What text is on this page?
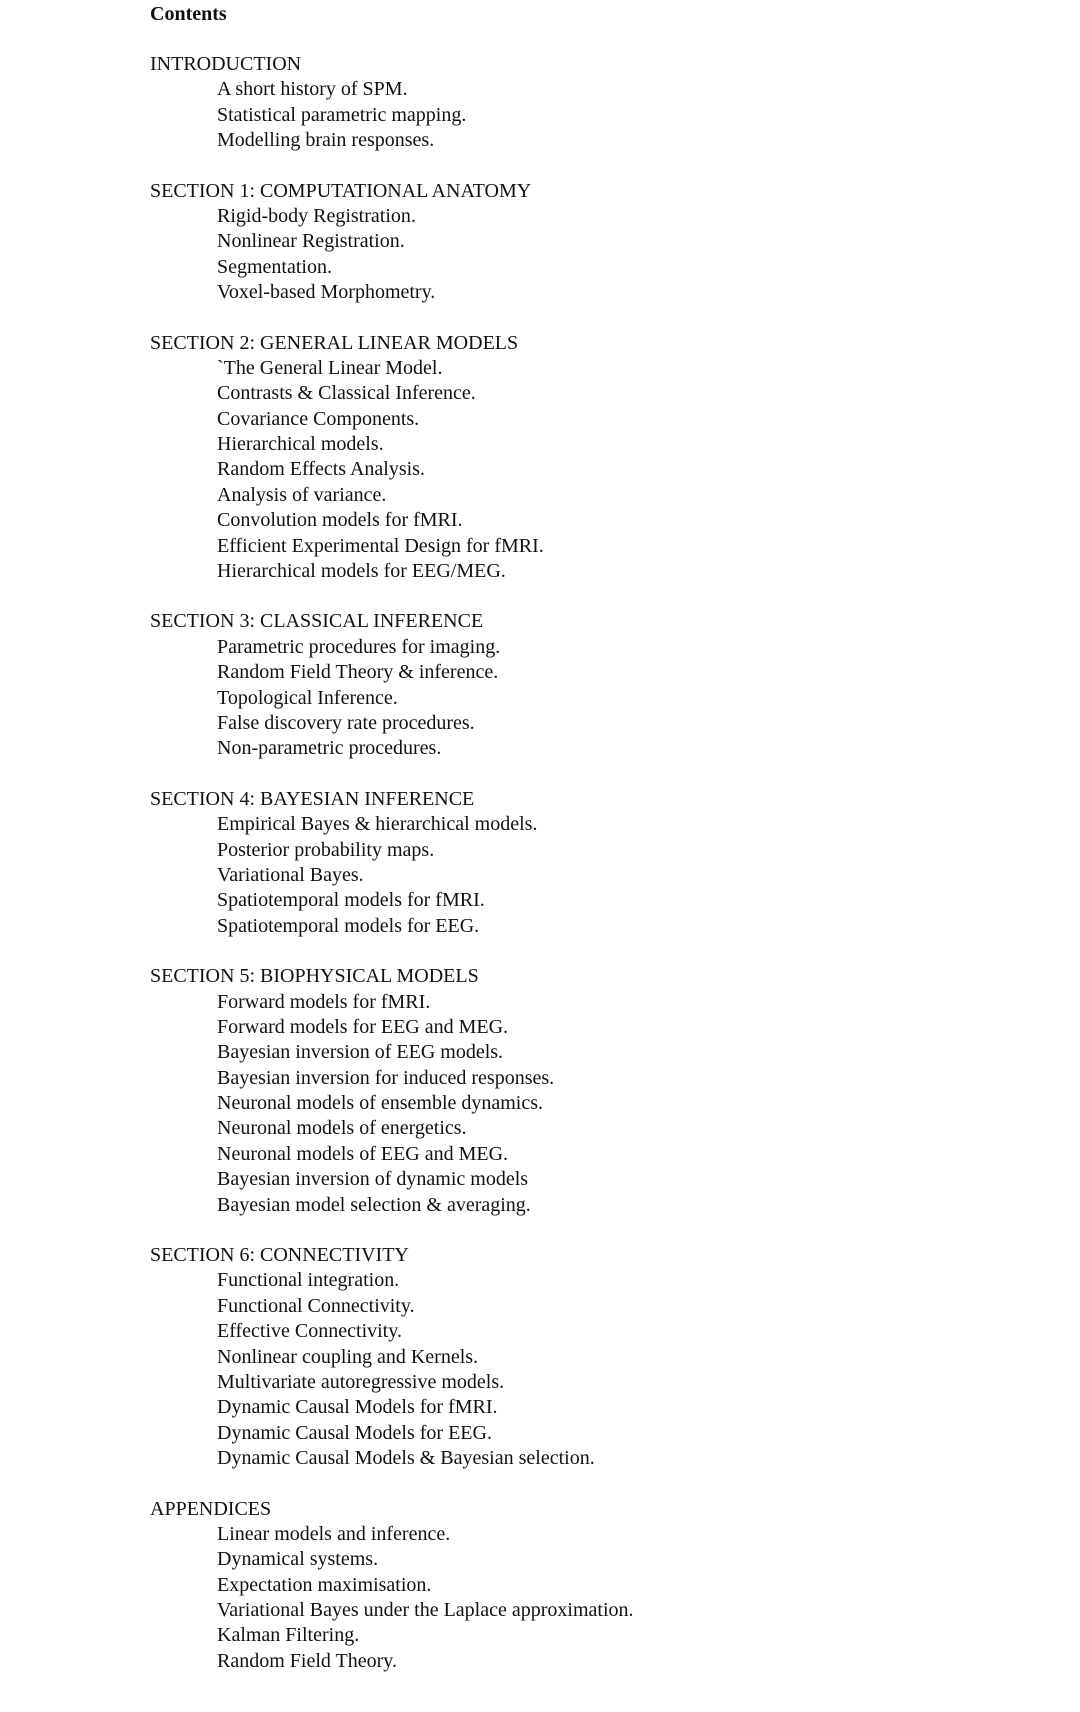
Contents
INTRODUCTION
A short history of SPM.
Statistical parametric mapping.
Modelling brain responses.
SECTION 1: COMPUTATIONAL ANATOMY
Rigid-body Registration.
Nonlinear Registration.
Segmentation.
Voxel-based Morphometry.
SECTION 2: GENERAL LINEAR MODELS
`The General Linear Model.
Contrasts & Classical Inference.
Covariance Components.
Hierarchical models.
Random Effects Analysis.
Analysis of variance.
Convolution models for fMRI.
Efficient Experimental Design for fMRI.
Hierarchical models for EEG/MEG.
SECTION 3: CLASSICAL INFERENCE
Parametric procedures for imaging.
Random Field Theory & inference.
Topological Inference.
False discovery rate procedures.
Non-parametric procedures.
SECTION 4: BAYESIAN INFERENCE
Empirical Bayes & hierarchical models.
Posterior probability maps.
Variational Bayes.
Spatiotemporal models for fMRI.
Spatiotemporal models for EEG.
SECTION 5: BIOPHYSICAL MODELS
Forward models for fMRI.
Forward models for EEG and MEG.
Bayesian inversion of EEG models.
Bayesian inversion for induced responses.
Neuronal models of ensemble dynamics.
Neuronal models of energetics.
Neuronal models of EEG and MEG.
Bayesian inversion of dynamic models
Bayesian model selection & averaging.
SECTION 6: CONNECTIVITY
Functional integration.
Functional Connectivity.
Effective Connectivity.
Nonlinear coupling and Kernels.
Multivariate autoregressive models.
Dynamic Causal Models for fMRI.
Dynamic Causal Models for EEG.
Dynamic Causal Models & Bayesian selection.
APPENDICES
Linear models and inference.
Dynamical systems.
Expectation maximisation.
Variational Bayes under the Laplace approximation.
Kalman Filtering.
Random Field Theory.
